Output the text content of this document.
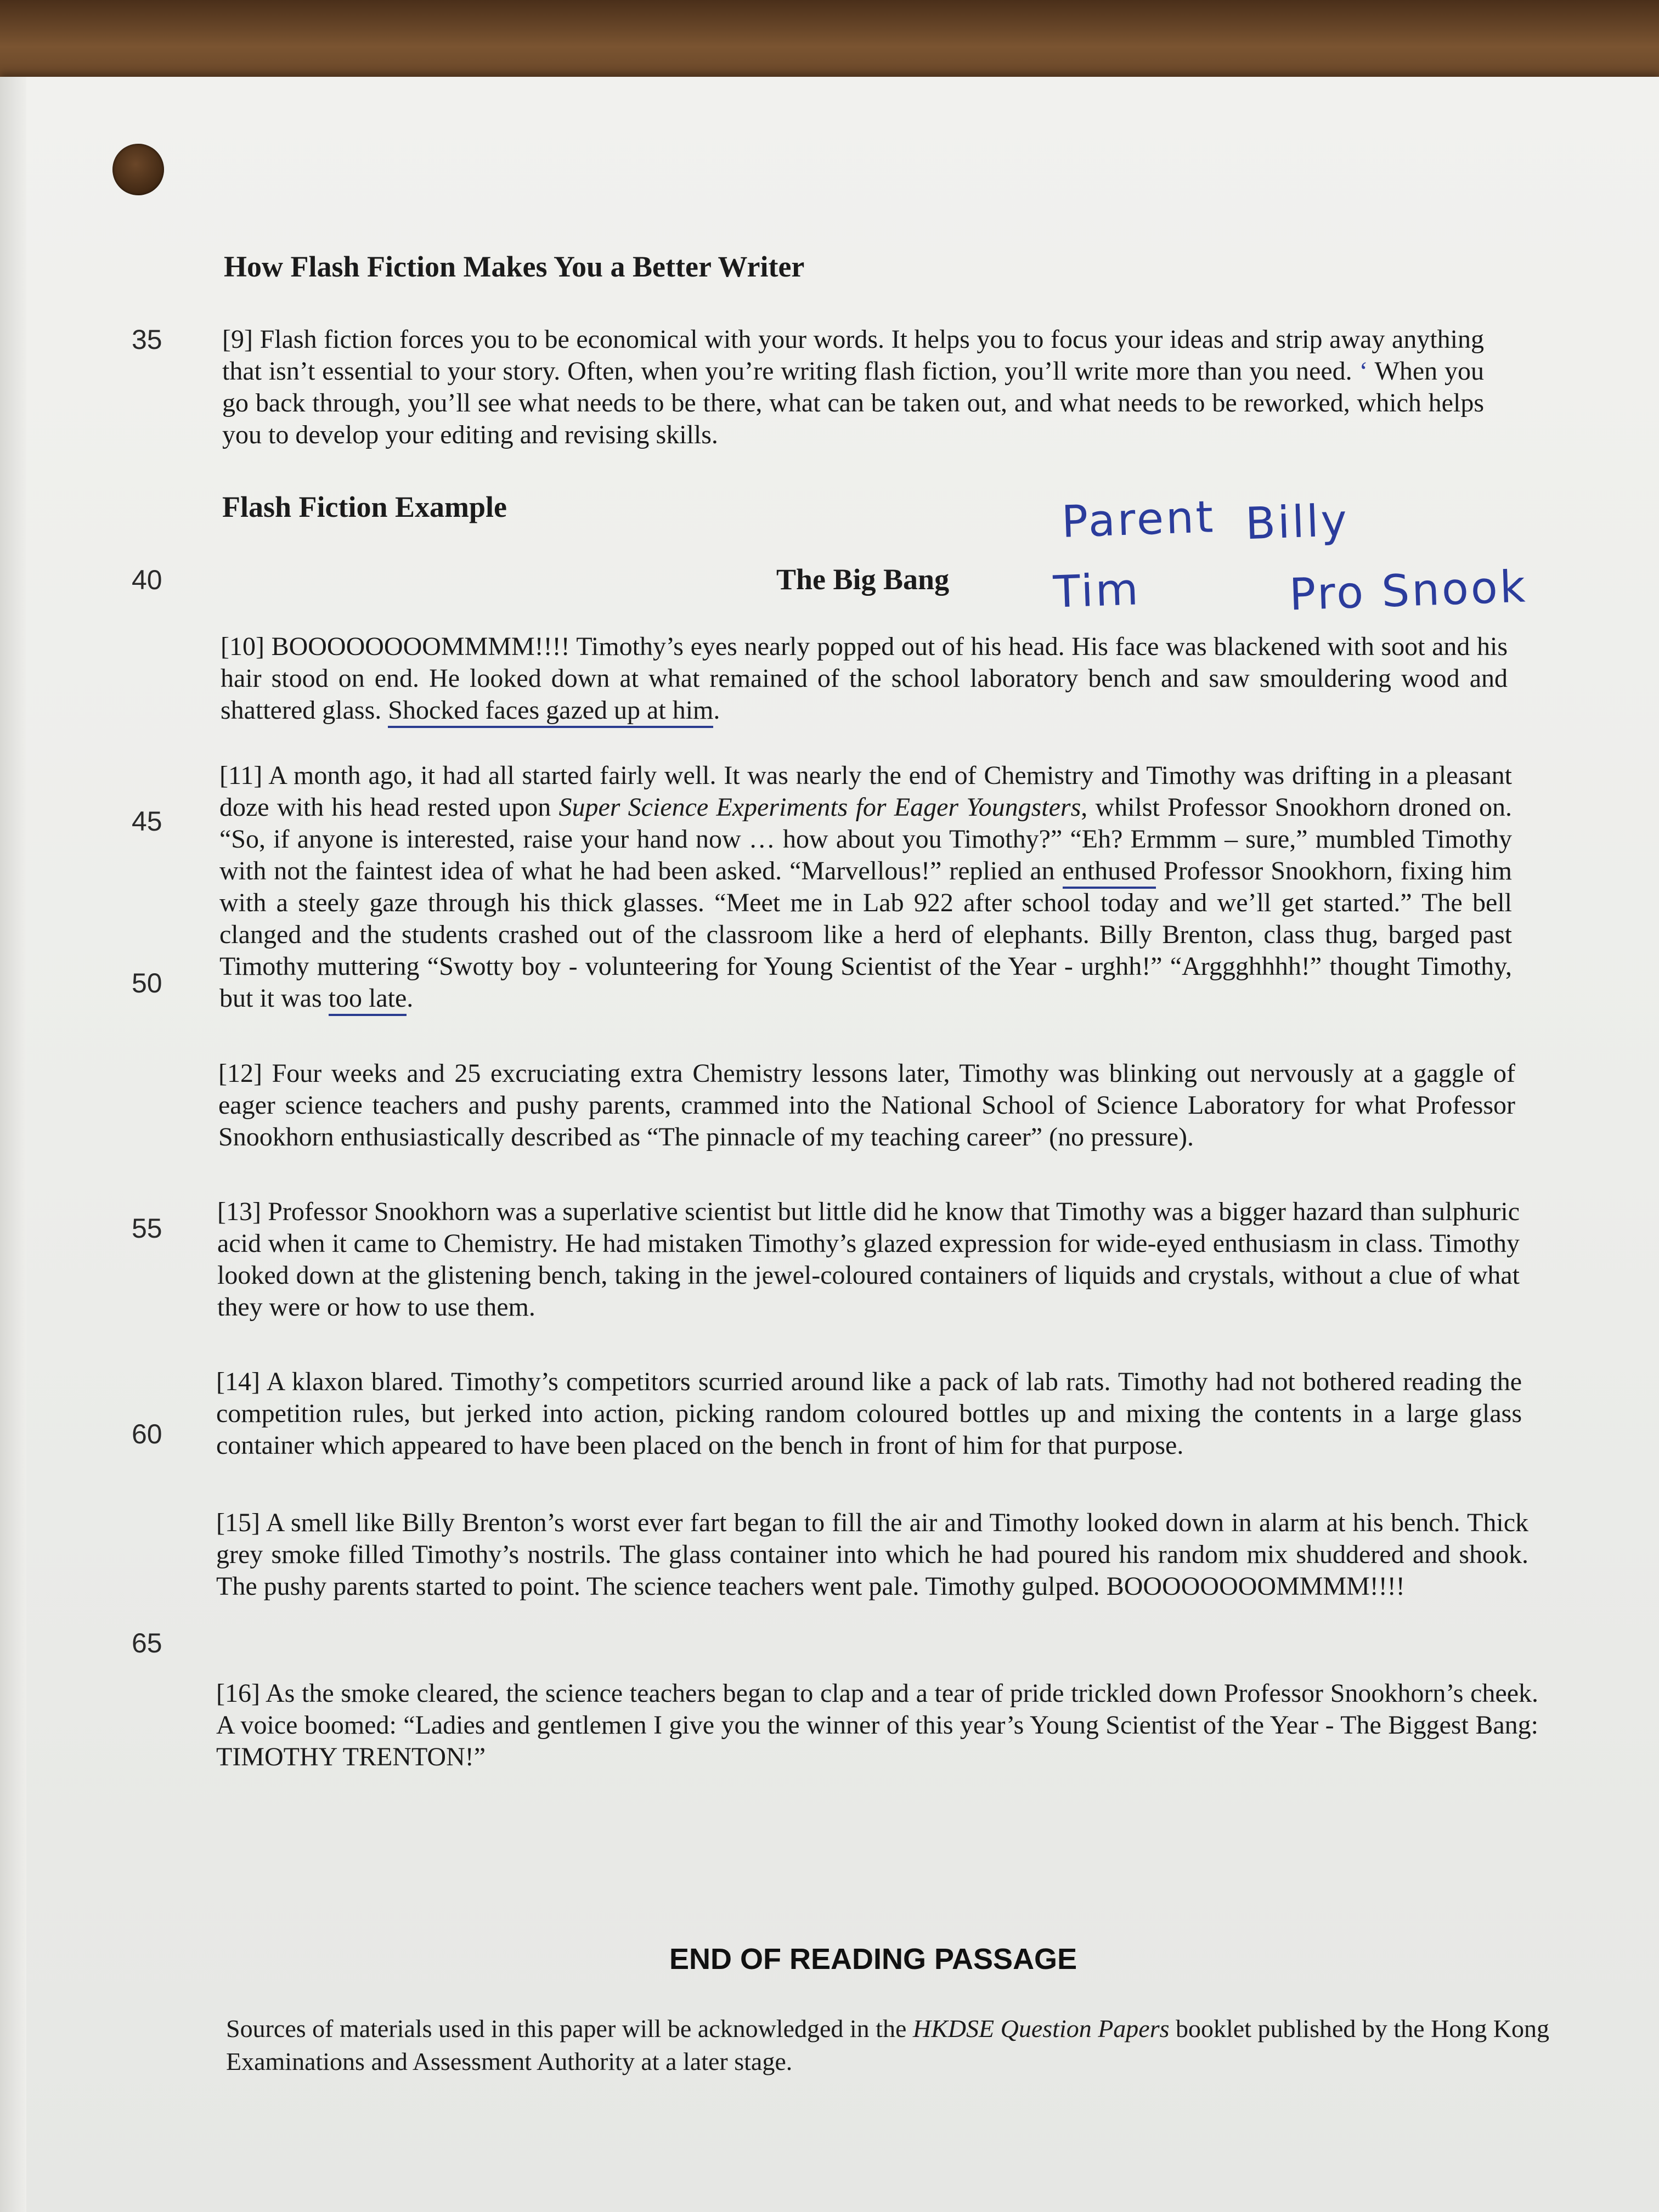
How Flash Fiction Makes You a Better Writer
35
40
45
50
55
60
65
[9] Flash fiction forces you to be economical with your words. It helps you to focus your ideas and strip away anything that isn’t essential to your story. Often, when you’re writing flash fiction, you’ll write more than you need. ‘ When you go back through, you’ll see what needs to be there, what can be taken out, and what needs to be reworked, which helps you to develop your editing and revising skills.
Flash Fiction Example
The Big Bang
Parent Billy
Tim	Pro Snook
[10] BOOOOOOOOMMMM!!!! Timothy’s eyes nearly popped out of his head. His face was blackened with soot and his hair stood on end. He looked down at what remained of the school laboratory bench and saw smouldering wood and shattered glass. Shocked faces gazed up at him.
[11] A month ago, it had all started fairly well. It was nearly the end of Chemistry and Timothy was drifting in a pleasant doze with his head rested upon Super Science Experiments for Eager Youngsters, whilst Professor Snookhorn droned on. “So, if anyone is interested, raise your hand now … how about you Timothy?” “Eh? Ermmm – sure,” mumbled Timothy with not the faintest idea of what he had been asked. “Marvellous!” replied an enthused Professor Snookhorn, fixing him with a steely gaze through his thick glasses. “Meet me in Lab 922 after school today and we’ll get started.” The bell clanged and the students crashed out of the classroom like a herd of elephants. Billy Brenton, class thug, barged past Timothy muttering “Swotty boy - volunteering for Young Scientist of the Year - urghh!” “Arggghhhh!” thought Timothy, but it was too late.
[12] Four weeks and 25 excruciating extra Chemistry lessons later, Timothy was blinking out nervously at a gaggle of eager science teachers and pushy parents, crammed into the National School of Science Laboratory for what Professor Snookhorn enthusiastically described as “The pinnacle of my teaching career” (no pressure).
[13] Professor Snookhorn was a superlative scientist but little did he know that Timothy was a bigger hazard than sulphuric acid when it came to Chemistry. He had mistaken Timothy’s glazed expression for wide-eyed enthusiasm in class. Timothy looked down at the glistening bench, taking in the jewel-coloured containers of liquids and crystals, without a clue of what they were or how to use them.
[14] A klaxon blared. Timothy’s competitors scurried around like a pack of lab rats. Timothy had not bothered reading the competition rules, but jerked into action, picking random coloured bottles up and mixing the contents in a large glass container which appeared to have been placed on the bench in front of him for that purpose.
[15] A smell like Billy Brenton’s worst ever fart began to fill the air and Timothy looked down in alarm at his bench. Thick grey smoke filled Timothy’s nostrils. The glass container into which he had poured his random mix shuddered and shook. The pushy parents started to point. The science teachers went pale. Timothy gulped. BOOOOOOOOMMMM!!!!
[16] As the smoke cleared, the science teachers began to clap and a tear of pride trickled down Professor Snookhorn’s cheek. A voice boomed: “Ladies and gentlemen I give you the winner of this year’s Young Scientist of the Year - The Biggest Bang: TIMOTHY TRENTON!”
END OF READING PASSAGE
Sources of materials used in this paper will be acknowledged in the HKDSE Question Papers booklet published by the Hong Kong Examinations and Assessment Authority at a later stage.
